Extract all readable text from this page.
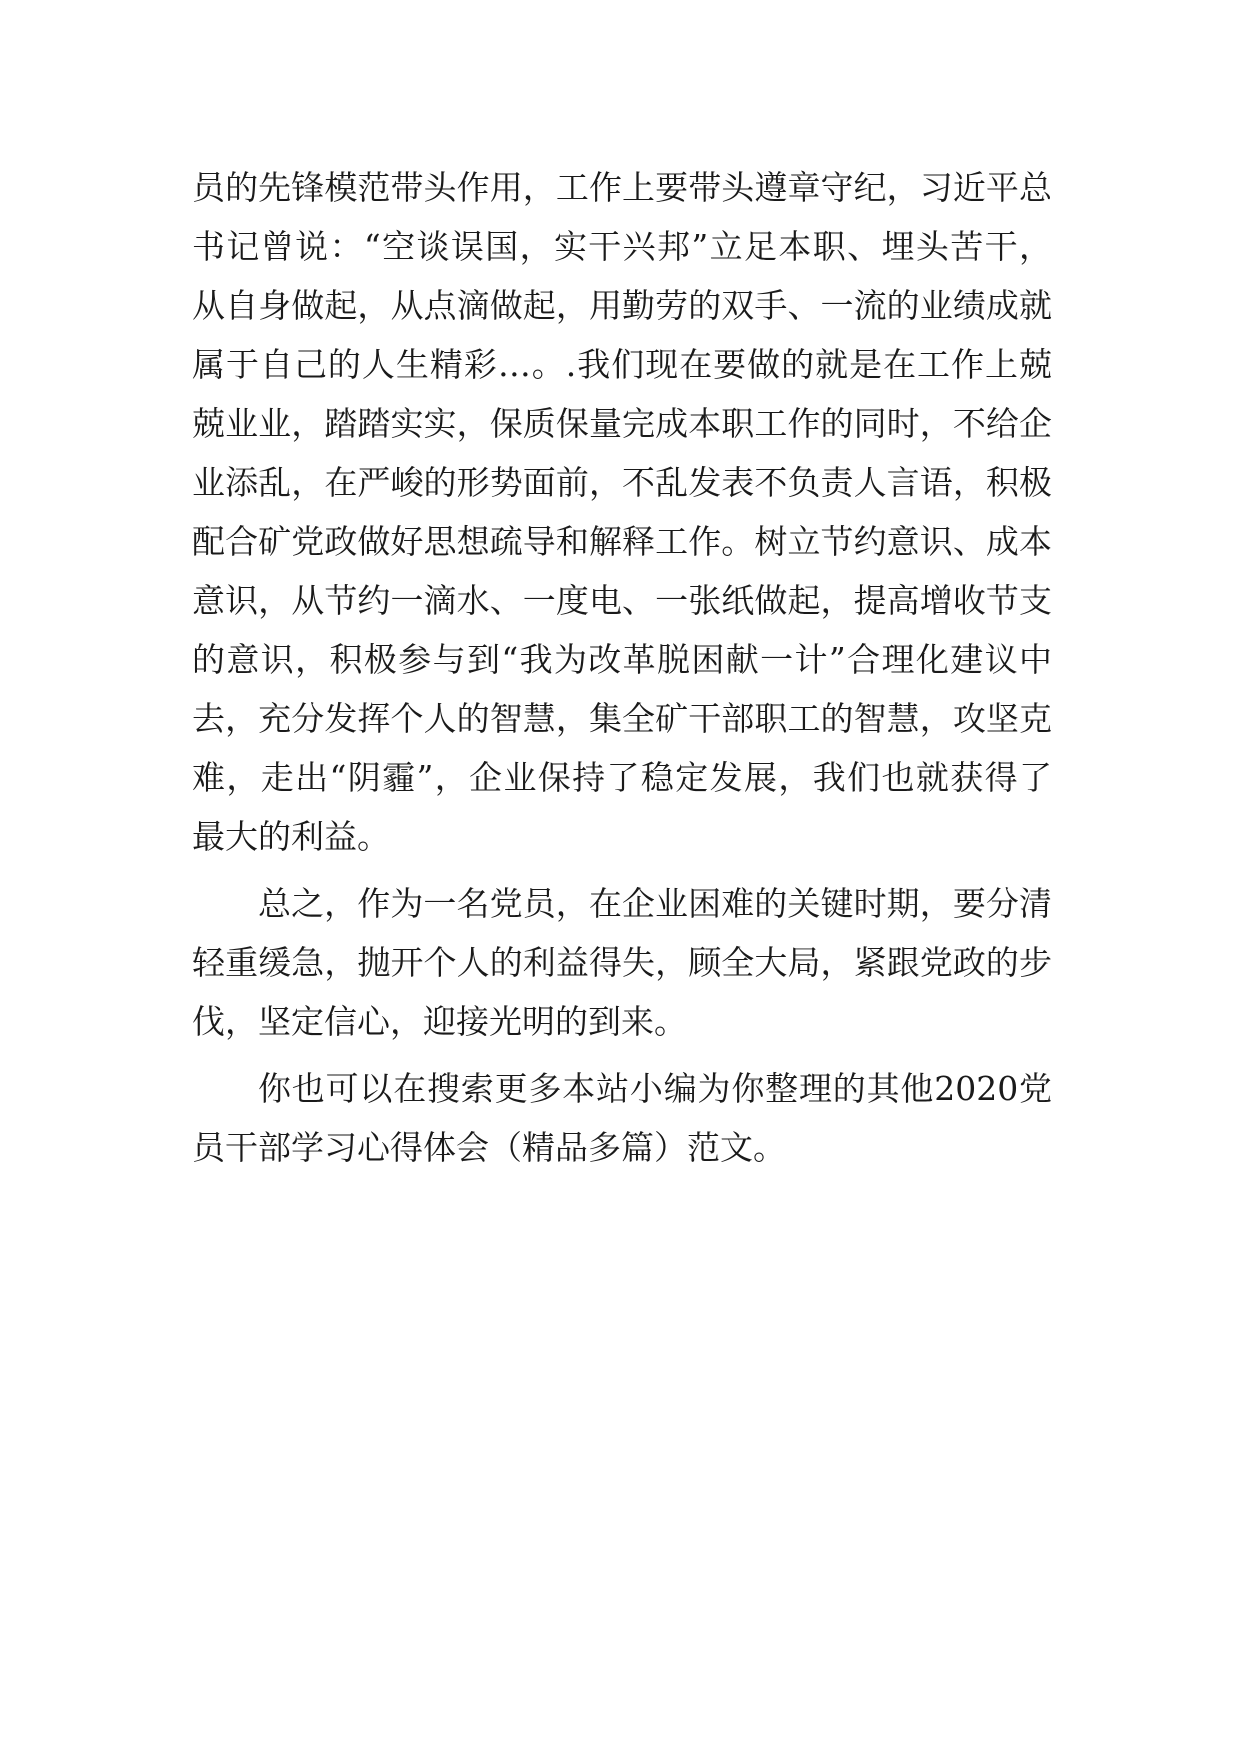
员的先锋模范带头作用，工作上要带头遵章守纪，习近平总
书记曾说：“空谈误国，实干兴邦”立足本职、埋头苦干，
从自身做起，从点滴做起，用勤劳的双手、一流的业绩成就
属于自己的人生精彩…。.我们现在要做的就是在工作上兢
兢业业，踏踏实实，保质保量完成本职工作的同时，不给企
业添乱，在严峻的形势面前，不乱发表不负责人言语，积极
配合矿党政做好思想疏导和解释工作。树立节约意识、成本
意识，从节约一滴水、一度电、一张纸做起，提高增收节支
的意识，积极参与到“我为改革脱困献一计”合理化建议中
去，充分发挥个人的智慧，集全矿干部职工的智慧，攻坚克
难，走出“阴霾”，企业保持了稳定发展，我们也就获得了
最大的利益。
总之，作为一名党员，在企业困难的关键时期，要分清
轻重缓急，抛开个人的利益得失，顾全大局，紧跟党政的步
伐，坚定信心，迎接光明的到来。
你也可以在搜索更多本站小编为你整理的其他2020党
员干部学习心得体会（精品多篇）范文。
